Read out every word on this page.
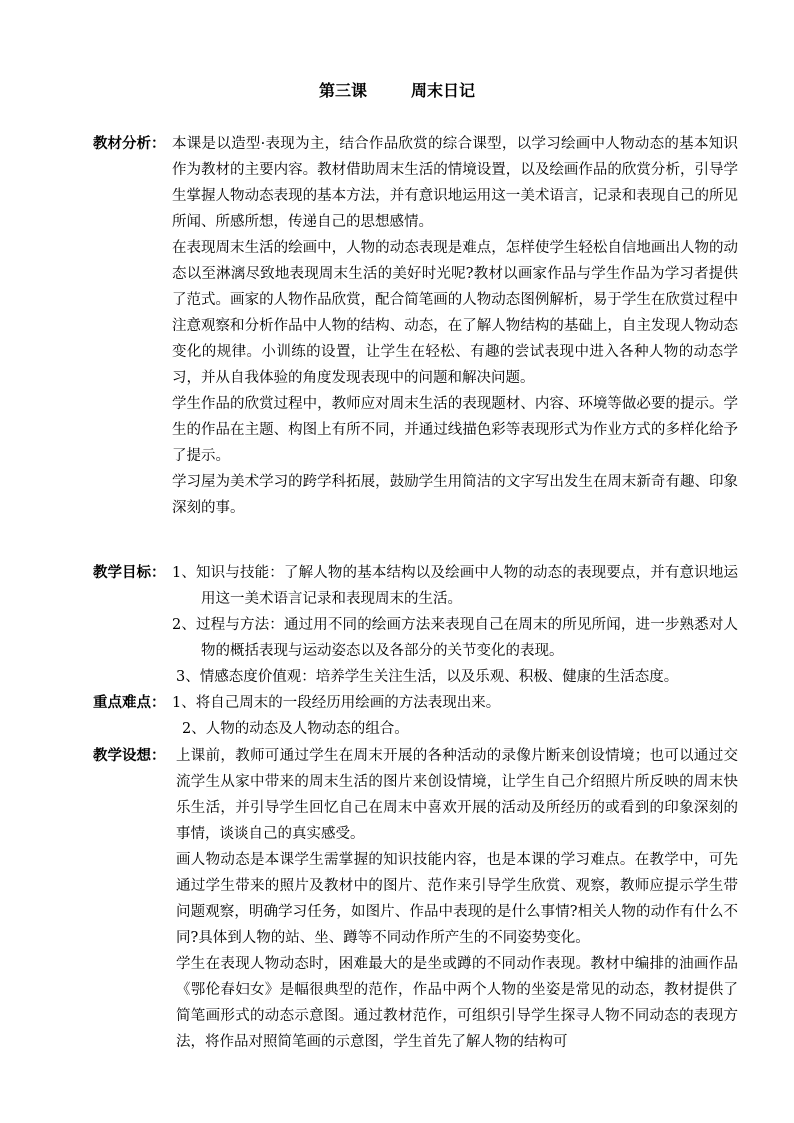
第三课	周末日记
教材分析： 本课是以造型·表现为主，结合作品欣赏的综合课型，以学习绘画中人物动态的基本知识作为教材的主要内容。教材借助周末生活的情境设置，以及绘画作品的欣赏分析，引导学生掌握人物动态表现的基本方法，并有意识地运用这一美术语言，记录和表现自己的所见所闻、所感所想，传递自己的思想感情。

在表现周末生活的绘画中，人物的动态表现是难点，怎样使学生轻松自信地画出人物的动态以至淋漓尽致地表现周末生活的美好时光呢?教材以画家作品与学生作品为学习者提供了范式。画家的人物作品欣赏，配合简笔画的人物动态图例解析，易于学生在欣赏过程中注意观察和分析作品中人物的结构、动态，在了解人物结构的基础上，自主发现人物动态变化的规律。小训练的设置，让学生在轻松、有趣的尝试表现中进入各种人物的动态学习，并从自我体验的角度发现表现中的问题和解决问题。

学生作品的欣赏过程中，教师应对周末生活的表现题材、内容、环境等做必要的提示。学生的作品在主题、构图上有所不同，并通过线描色彩等表现形式为作业方式的多样化给予了提示。

学习屋为美术学习的跨学科拓展，鼓励学生用简洁的文字写出发生在周末新奇有趣、印象深刻的事。

教学目标： 1、知识与技能：了解人物的基本结构以及绘画中人物的动态的表现要点，并有意识地运用这一美术语言记录和表现周末的生活。

2、过程与方法：通过用不同的绘画方法来表现自己在周末的所见所闻，进一步熟悉对人物的概括表现与运动姿态以及各部分的关节变化的表现。

3、情感态度价值观：培养学生关注生活，以及乐观、积极、健康的生活态度。

重点难点： 1、将自己周末的一段经历用绘画的方法表现出来。

2、人物的动态及人物动态的组合。

教学设想： 上课前，教师可通过学生在周末开展的各种活动的录像片断来创设情境；也可以通过交流学生从家中带来的周末生活的图片来创设情境，让学生自己介绍照片所反映的周末快乐生活，并引导学生回忆自己在周末中喜欢开展的活动及所经历的或看到的印象深刻的事情，谈谈自己的真实感受。

画人物动态是本课学生需掌握的知识技能内容，也是本课的学习难点。在教学中，可先通过学生带来的照片及教材中的图片、范作来引导学生欣赏、观察，教师应提示学生带问题观察，明确学习任务，如图片、作品中表现的是什么事情?相关人物的动作有什么不同?具体到人物的站、坐、蹲等不同动作所产生的不同姿势变化。

学生在表现人物动态时，困难最大的是坐或蹲的不同动作表现。教材中编排的油画作品《鄂伦春妇女》是幅很典型的范作，作品中两个人物的坐姿是常见的动态，教材提供了简笔画形式的动态示意图。通过教材范作，可组织引导学生探寻人物不同动态的表现方法，将作品对照简笔画的示意图，学生首先了解人物的结构可
